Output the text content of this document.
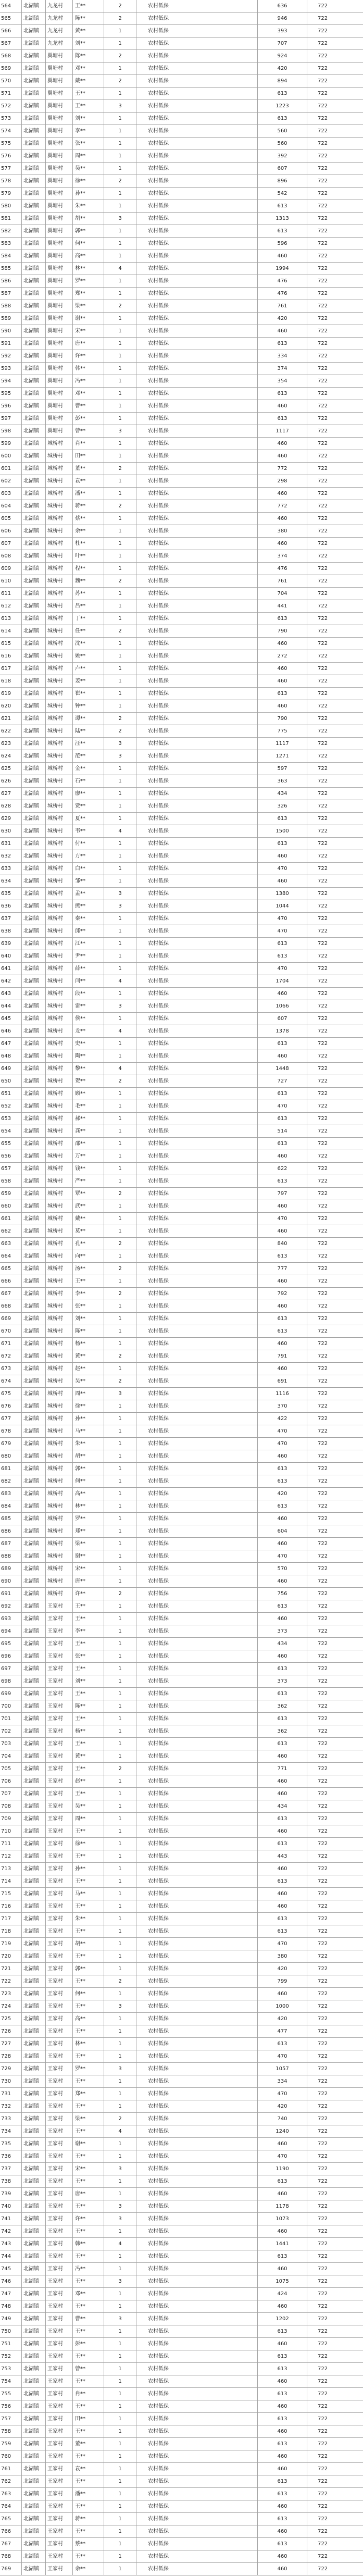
564	北湖镇	九龙村	王**	2	农村低保	636	722
565	北湖镇	九龙村	陈**	2	农村低保	946	722
566	北湖镇	九龙村	黄**	1	农村低保	393	722
567	北湖镇	九龙村	刘**	1	农村低保	707	722
568	北湖镇	翼塘村	陈**	2	农村低保	924	722
569	北湖镇	翼塘村	邓**	1	农村低保	420	722
570	北湖镇	翼塘村	戴**	2	农村低保	894	722
571	北湖镇	翼塘村	王**	1	农村低保	613	722
572	北湖镇	翼塘村	王**	3	农村低保	1223	722
573	北湖镇	翼塘村	刘**	1	农村低保	613	722
574	北湖镇	翼塘村	李**	1	农村低保	560	722
575	北湖镇	翼塘村	张**	1	农村低保	560	722
576	北湖镇	翼塘村	周**	1	农村低保	392	722
577	北湖镇	翼塘村	吴**	1	农村低保	607	722
578	北湖镇	翼塘村	徐**	2	农村低保	896	722
579	北湖镇	翼塘村	孙**	1	农村低保	542	722
580	北湖镇	翼塘村	朱**	1	农村低保	613	722
581	北湖镇	翼塘村	胡**	3	农村低保	1313	722
582	北湖镇	翼塘村	郭**	1	农村低保	613	722
583	北湖镇	翼塘村	何**	1	农村低保	596	722
584	北湖镇	翼塘村	高**	1	农村低保	460	722
585	北湖镇	翼塘村	林**	4	农村低保	1994	722
586	北湖镇	翼塘村	罗**	1	农村低保	476	722
587	北湖镇	翼塘村	郑**	1	农村低保	476	722
588	北湖镇	翼塘村	梁**	2	农村低保	761	722
589	北湖镇	翼塘村	谢**	1	农村低保	420	722
590	北湖镇	翼塘村	宋**	1	农村低保	460	722
591	北湖镇	翼塘村	唐**	1	农村低保	613	722
592	北湖镇	翼塘村	许**	1	农村低保	334	722
593	北湖镇	翼塘村	韩**	1	农村低保	374	722
594	北湖镇	翼塘村	冯**	1	农村低保	354	722
595	北湖镇	翼塘村	邓**	1	农村低保	613	722
596	北湖镇	翼塘村	曹**	1	农村低保	460	722
597	北湖镇	翼塘村	彭**	1	农村低保	613	722
598	北湖镇	翼塘村	曾**	3	农村低保	1117	722
599	北湖镇	城桥村	肖**	1	农村低保	460	722
600	北湖镇	城桥村	田**	1	农村低保	460	722
601	北湖镇	城桥村	董**	2	农村低保	772	722
602	北湖镇	城桥村	袁**	1	农村低保	298	722
603	北湖镇	城桥村	潘**	1	农村低保	460	722
604	北湖镇	城桥村	蒋**	2	农村低保	772	722
605	北湖镇	城桥村	蔡**	1	农村低保	460	722
606	北湖镇	城桥村	余**	1	农村低保	380	722
607	北湖镇	城桥村	杜**	1	农村低保	460	722
608	北湖镇	城桥村	叶**	1	农村低保	374	722
609	北湖镇	城桥村	程**	1	农村低保	476	722
610	北湖镇	城桥村	魏**	2	农村低保	761	722
611	北湖镇	城桥村	苏**	1	农村低保	704	722
612	北湖镇	城桥村	吕**	1	农村低保	441	722
613	北湖镇	城桥村	丁**	1	农村低保	613	722
614	北湖镇	城桥村	任**	2	农村低保	790	722
615	北湖镇	城桥村	沈**	1	农村低保	460	722
616	北湖镇	城桥村	姚**	1	农村低保	272	722
617	北湖镇	城桥村	卢**	1	农村低保	460	722
618	北湖镇	城桥村	姜**	1	农村低保	460	722
619	北湖镇	城桥村	崔**	1	农村低保	613	722
620	北湖镇	城桥村	钟**	1	农村低保	460	722
621	北湖镇	城桥村	谭**	2	农村低保	790	722
622	北湖镇	城桥村	陆**	2	农村低保	775	722
623	北湖镇	城桥村	汪**	3	农村低保	1117	722
624	北湖镇	城桥村	范**	3	农村低保	1271	722
625	北湖镇	城桥村	金**	1	农村低保	597	722
626	北湖镇	城桥村	石**	1	农村低保	363	722
627	北湖镇	城桥村	廖**	1	农村低保	434	722
628	北湖镇	城桥村	贾**	1	农村低保	326	722
629	北湖镇	城桥村	夏**	1	农村低保	613	722
630	北湖镇	城桥村	韦**	4	农村低保	1500	722
631	北湖镇	城桥村	付**	1	农村低保	613	722
632	北湖镇	城桥村	方**	1	农村低保	460	722
633	北湖镇	城桥村	白**	1	农村低保	470	722
634	北湖镇	城桥村	邹**	1	农村低保	460	722
635	北湖镇	城桥村	孟**	3	农村低保	1380	722
636	北湖镇	城桥村	熊**	3	农村低保	1044	722
637	北湖镇	城桥村	秦**	1	农村低保	470	722
638	北湖镇	城桥村	邱**	1	农村低保	470	722
639	北湖镇	城桥村	江**	1	农村低保	613	722
640	北湖镇	城桥村	尹**	1	农村低保	613	722
641	北湖镇	城桥村	薛**	1	农村低保	470	722
642	北湖镇	城桥村	闫**	4	农村低保	1704	722
643	北湖镇	城桥村	段**	1	农村低保	460	722
644	北湖镇	城桥村	雷**	3	农村低保	1066	722
645	北湖镇	城桥村	侯**	1	农村低保	607	722
646	北湖镇	城桥村	龙**	4	农村低保	1378	722
647	北湖镇	城桥村	史**	1	农村低保	613	722
648	北湖镇	城桥村	陶**	1	农村低保	460	722
649	北湖镇	城桥村	黎**	4	农村低保	1448	722
650	北湖镇	城桥村	贺**	2	农村低保	727	722
651	北湖镇	城桥村	顾**	1	农村低保	613	722
652	北湖镇	城桥村	毛**	1	农村低保	470	722
653	北湖镇	城桥村	郝**	1	农村低保	613	722
654	北湖镇	城桥村	龚**	1	农村低保	514	722
655	北湖镇	城桥村	邵**	1	农村低保	613	722
656	北湖镇	城桥村	万**	1	农村低保	460	722
657	北湖镇	城桥村	钱**	1	农村低保	622	722
658	北湖镇	城桥村	严**	1	农村低保	613	722
659	北湖镇	城桥村	覃**	2	农村低保	797	722
660	北湖镇	城桥村	武**	1	农村低保	460	722
661	北湖镇	城桥村	戴**	1	农村低保	470	722
662	北湖镇	城桥村	莫**	1	农村低保	460	722
663	北湖镇	城桥村	孔**	2	农村低保	840	722
664	北湖镇	城桥村	向**	1	农村低保	613	722
665	北湖镇	城桥村	汤**	2	农村低保	777	722
666	北湖镇	城桥村	王**	1	农村低保	460	722
667	北湖镇	城桥村	李**	2	农村低保	792	722
668	北湖镇	城桥村	张**	1	农村低保	460	722
669	北湖镇	城桥村	刘**	1	农村低保	613	722
670	北湖镇	城桥村	陈**	1	农村低保	613	722
671	北湖镇	城桥村	杨**	1	农村低保	460	722
672	北湖镇	城桥村	黄**	2	农村低保	791	722
673	北湖镇	城桥村	赵**	1	农村低保	460	722
674	北湖镇	城桥村	吴**	2	农村低保	691	722
675	北湖镇	城桥村	周**	3	农村低保	1116	722
676	北湖镇	城桥村	徐**	1	农村低保	370	722
677	北湖镇	城桥村	孙**	1	农村低保	422	722
678	北湖镇	城桥村	马**	1	农村低保	470	722
679	北湖镇	城桥村	朱**	1	农村低保	470	722
680	北湖镇	城桥村	胡**	1	农村低保	460	722
681	北湖镇	城桥村	郭**	1	农村低保	613	722
682	北湖镇	城桥村	何**	1	农村低保	613	722
683	北湖镇	城桥村	高**	1	农村低保	420	722
684	北湖镇	城桥村	林**	1	农村低保	613	722
685	北湖镇	城桥村	罗**	1	农村低保	460	722
686	北湖镇	城桥村	郑**	1	农村低保	604	722
687	北湖镇	城桥村	梁**	1	农村低保	460	722
688	北湖镇	城桥村	谢**	1	农村低保	470	722
689	北湖镇	城桥村	宋**	1	农村低保	570	722
690	北湖镇	城桥村	唐**	1	农村低保	460	722
691	北湖镇	城桥村	许**	2	农村低保	756	722
692	北湖镇	王家村	王**	1	农村低保	613	722
693	北湖镇	王家村	王**	1	农村低保	460	722
694	北湖镇	王家村	李**	1	农村低保	373	722
695	北湖镇	王家村	王**	1	农村低保	434	722
696	北湖镇	王家村	张**	1	农村低保	460	722
697	北湖镇	王家村	王**	1	农村低保	613	722
698	北湖镇	王家村	刘**	1	农村低保	373	722
699	北湖镇	王家村	王**	1	农村低保	613	722
700	北湖镇	王家村	陈**	1	农村低保	362	722
701	北湖镇	王家村	王**	1	农村低保	613	722
702	北湖镇	王家村	杨**	1	农村低保	362	722
703	北湖镇	王家村	王**	1	农村低保	613	722
704	北湖镇	王家村	黄**	1	农村低保	460	722
705	北湖镇	王家村	王**	2	农村低保	771	722
706	北湖镇	王家村	赵**	1	农村低保	460	722
707	北湖镇	王家村	王**	1	农村低保	460	722
708	北湖镇	王家村	吴**	1	农村低保	434	722
709	北湖镇	王家村	周**	1	农村低保	613	722
710	北湖镇	王家村	王**	1	农村低保	460	722
711	北湖镇	王家村	徐**	1	农村低保	613	722
712	北湖镇	王家村	王**	1	农村低保	443	722
713	北湖镇	王家村	孙**	1	农村低保	460	722
714	北湖镇	王家村	王**	1	农村低保	613	722
715	北湖镇	王家村	马**	1	农村低保	460	722
716	北湖镇	王家村	王**	1	农村低保	460	722
717	北湖镇	王家村	朱**	1	农村低保	613	722
718	北湖镇	王家村	王**	1	农村低保	613	722
719	北湖镇	王家村	胡**	1	农村低保	470	722
720	北湖镇	王家村	王**	1	农村低保	380	722
721	北湖镇	王家村	郭**	1	农村低保	420	722
722	北湖镇	王家村	王**	2	农村低保	799	722
723	北湖镇	王家村	何**	1	农村低保	460	722
724	北湖镇	王家村	王**	3	农村低保	1000	722
725	北湖镇	王家村	高**	1	农村低保	420	722
726	北湖镇	王家村	王**	1	农村低保	477	722
727	北湖镇	王家村	林**	1	农村低保	613	722
728	北湖镇	王家村	王**	1	农村低保	470	722
729	北湖镇	王家村	罗**	3	农村低保	1057	722
730	北湖镇	王家村	王**	1	农村低保	334	722
731	北湖镇	王家村	郑**	1	农村低保	470	722
732	北湖镇	王家村	王**	1	农村低保	420	722
733	北湖镇	王家村	梁**	2	农村低保	740	722
734	北湖镇	王家村	王**	4	农村低保	1240	722
735	北湖镇	王家村	谢**	1	农村低保	460	722
736	北湖镇	王家村	王**	1	农村低保	470	722
737	北湖镇	王家村	宋**	3	农村低保	1190	722
738	北湖镇	王家村	王**	1	农村低保	613	722
739	北湖镇	王家村	唐**	1	农村低保	460	722
740	北湖镇	王家村	王**	3	农村低保	1178	722
741	北湖镇	王家村	许**	3	农村低保	1073	722
742	北湖镇	王家村	王**	1	农村低保	460	722
743	北湖镇	王家村	韩**	4	农村低保	1441	722
744	北湖镇	王家村	王**	1	农村低保	613	722
745	北湖镇	王家村	冯**	1	农村低保	460	722
746	北湖镇	王家村	王**	3	农村低保	1075	722
747	北湖镇	王家村	邓**	1	农村低保	424	722
748	北湖镇	王家村	王**	1	农村低保	460	722
749	北湖镇	王家村	曹**	3	农村低保	1202	722
750	北湖镇	王家村	王**	1	农村低保	613	722
751	北湖镇	王家村	彭**	1	农村低保	460	722
752	北湖镇	王家村	王**	1	农村低保	613	722
753	北湖镇	王家村	曾**	1	农村低保	613	722
754	北湖镇	王家村	王**	1	农村低保	460	722
755	北湖镇	王家村	肖**	1	农村低保	613	722
756	北湖镇	王家村	王**	1	农村低保	460	722
757	北湖镇	王家村	田**	1	农村低保	613	722
758	北湖镇	王家村	王**	1	农村低保	460	722
759	北湖镇	王家村	董**	1	农村低保	613	722
760	北湖镇	王家村	王**	1	农村低保	460	722
761	北湖镇	王家村	袁**	1	农村低保	460	722
762	北湖镇	王家村	王**	1	农村低保	613	722
763	北湖镇	王家村	潘**	1	农村低保	613	722
764	北湖镇	王家村	王**	1	农村低保	460	722
765	北湖镇	王家村	蒋**	1	农村低保	613	722
766	北湖镇	王家村	王**	1	农村低保	460	722
767	北湖镇	王家村	蔡**	1	农村低保	613	722
768	北湖镇	王家村	王**	1	农村低保	460	722
769	北湖镇	王家村	余**	1	农村低保	460	722
